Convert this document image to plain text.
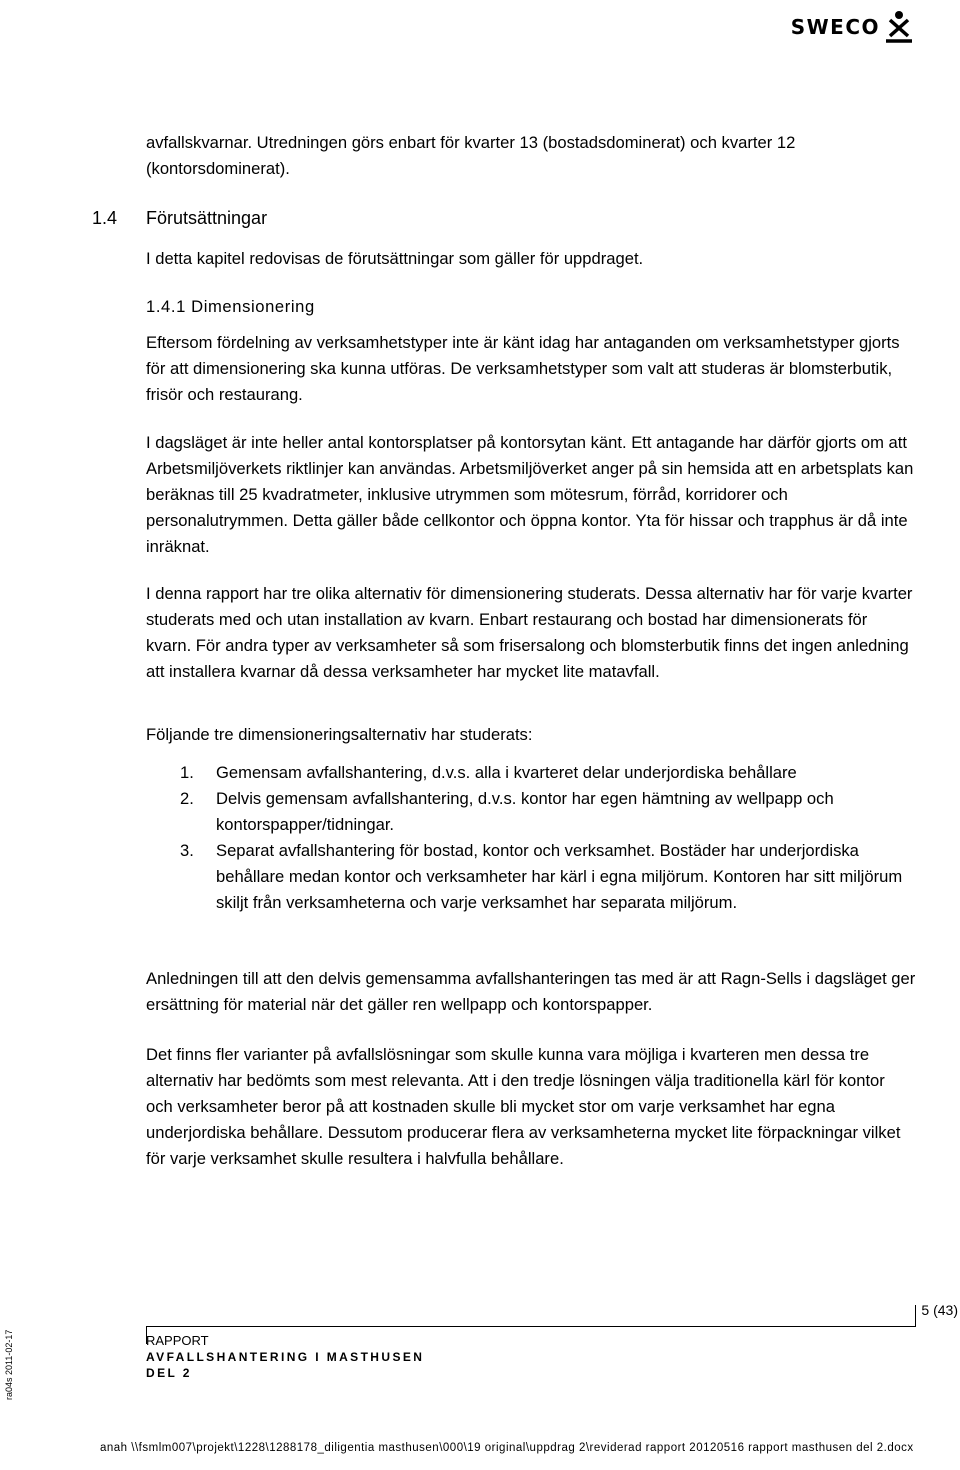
SWECO

avfallskvarnar. Utredningen görs enbart för kvarter 13 (bostadsdominerat) och kvarter 12 (kontorsdominerat).

1.4 Förutsättningar

I detta kapitel redovisas de förutsättningar som gäller för uppdraget.

1.4.1 Dimensionering

Eftersom fördelning av verksamhetstyper inte är känt idag har antaganden om verksamhetstyper gjorts för att dimensionering ska kunna utföras. De verksamhetstyper som valt att studeras är blomsterbutik, frisör och restaurang.

I dagsläget är inte heller antal kontorsplatser på kontorsytan känt. Ett antagande har därför gjorts om att Arbetsmiljöverkets riktlinjer kan användas. Arbetsmiljöverket anger på sin hemsida att en arbetsplats kan beräknas till 25 kvadratmeter, inklusive utrymmen som mötesrum, förråd, korridorer och personalutrymmen. Detta gäller både cellkontor och öppna kontor. Yta för hissar och trapphus är då inte inräknat.

I denna rapport har tre olika alternativ för dimensionering studerats. Dessa alternativ har för varje kvarter studerats med och utan installation av kvarn. Enbart restaurang och bostad har dimensionerats för kvarn. För andra typer av verksamheter så som frisersalong och blomsterbutik finns det ingen anledning att installera kvarnar då dessa verksamheter har mycket lite matavfall.

Följande tre dimensioneringsalternativ har studerats:

1. Gemensam avfallshantering, d.v.s. alla i kvarteret delar underjordiska behållare
2. Delvis gemensam avfallshantering, d.v.s. kontor har egen hämtning av wellpapp och kontorspapper/tidningar.
3. Separat avfallshantering för bostad, kontor och verksamhet. Bostäder har underjordiska behållare medan kontor och verksamheter har kärl i egna miljörum. Kontoren har sitt miljörum skiljt från verksamheterna och varje verksamhet har separata miljörum.

Anledningen till att den delvis gemensamma avfallshanteringen tas med är att Ragn-Sells i dagsläget ger ersättning för material när det gäller ren wellpapp och kontorspapper.

Det finns fler varianter på avfallslösningar som skulle kunna vara möjliga i kvarteren men dessa tre alternativ har bedömts som mest relevanta. Att i den tredje lösningen välja traditionella kärl för kontor och verksamheter beror på att kostnaden skulle bli mycket stor om varje verksamhet har egna underjordiska behållare. Dessutom producerar flera av verksamheterna mycket lite förpackningar vilket för varje verksamhet skulle resultera i halvfulla behållare.

5 (43)
RAPPORT
AVFALLSHANTERING I MASTHUSEN
DEL 2
ra04s 2011-02-17
anah \\fsmlm007\projekt\1228\1288178_diligentia masthusen\000\19 original\uppdrag 2\reviderad rapport 20120516 rapport masthusen del 2.docx
